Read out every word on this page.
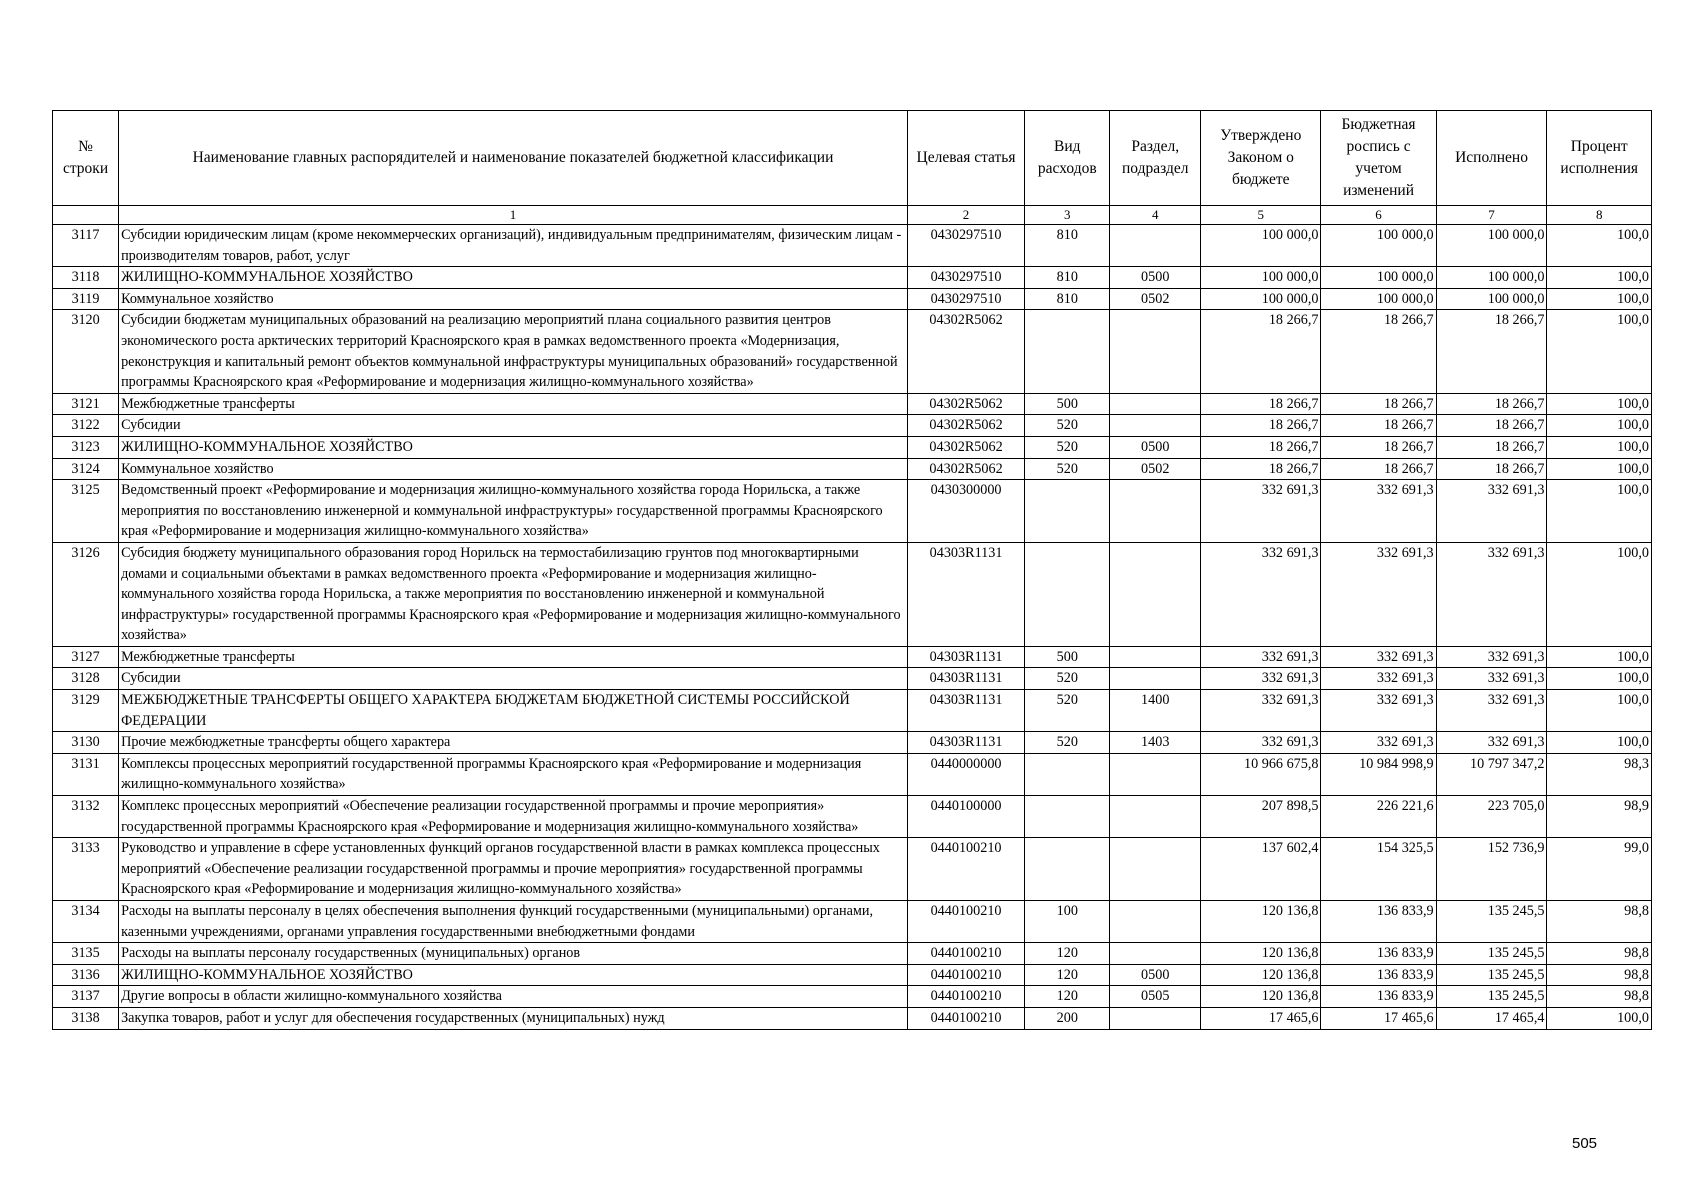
№ строки	Наименование главных распорядителей и наименование показателей бюджетной классификации	Целевая статья	Вид расходов	Раздел, подраздел	Утверждено Законом о бюджете	Бюджетная роспись с учетом изменений	Исполнено	Процент исполнения
	1	2	3	4	5	6	7	8
3117	Субсидии юридическим лицам (кроме некоммерческих организаций), индивидуальным предпринимателям, физическим лицам - производителям товаров, работ, услуг	0430297510	810		100 000,0	100 000,0	100 000,0	100,0
3118	ЖИЛИЩНО-КОММУНАЛЬНОЕ ХОЗЯЙСТВО	0430297510	810	0500	100 000,0	100 000,0	100 000,0	100,0
3119	Коммунальное хозяйство	0430297510	810	0502	100 000,0	100 000,0	100 000,0	100,0
3120	Субсидии бюджетам муниципальных образований на реализацию мероприятий плана социального развития центров экономического роста арктических территорий Красноярского края в рамках ведомственного проекта «Модернизация, реконструкция и капитальный ремонт объектов коммунальной инфраструктуры муниципальных образований» государственной программы Красноярского края «Реформирование и модернизация жилищно-коммунального хозяйства»	04302R5062			18 266,7	18 266,7	18 266,7	100,0
3121	Межбюджетные трансферты	04302R5062	500		18 266,7	18 266,7	18 266,7	100,0
3122	Субсидии	04302R5062	520		18 266,7	18 266,7	18 266,7	100,0
3123	ЖИЛИЩНО-КОММУНАЛЬНОЕ ХОЗЯЙСТВО	04302R5062	520	0500	18 266,7	18 266,7	18 266,7	100,0
3124	Коммунальное хозяйство	04302R5062	520	0502	18 266,7	18 266,7	18 266,7	100,0
3125	Ведомственный проект «Реформирование и модернизация жилищно-коммунального хозяйства города Норильска, а также мероприятия по восстановлению инженерной и коммунальной инфраструктуры» государственной программы Красноярского края «Реформирование и модернизация жилищно-коммунального хозяйства»	0430300000			332 691,3	332 691,3	332 691,3	100,0
3126	Субсидия бюджету муниципального образования город Норильск на термостабилизацию грунтов под многоквартирными домами и социальными объектами в рамках ведомственного проекта «Реформирование и модернизация жилищно-коммунального хозяйства города Норильска, а также мероприятия по восстановлению инженерной и коммунальной инфраструктуры» государственной программы Красноярского края «Реформирование и модернизация жилищно-коммунального хозяйства»	04303R1131			332 691,3	332 691,3	332 691,3	100,0
3127	Межбюджетные трансферты	04303R1131	500		332 691,3	332 691,3	332 691,3	100,0
3128	Субсидии	04303R1131	520		332 691,3	332 691,3	332 691,3	100,0
3129	МЕЖБЮДЖЕТНЫЕ ТРАНСФЕРТЫ ОБЩЕГО ХАРАКТЕРА БЮДЖЕТАМ БЮДЖЕТНОЙ СИСТЕМЫ РОССИЙСКОЙ ФЕДЕРАЦИИ	04303R1131	520	1400	332 691,3	332 691,3	332 691,3	100,0
3130	Прочие межбюджетные трансферты общего характера	04303R1131	520	1403	332 691,3	332 691,3	332 691,3	100,0
3131	Комплексы процессных мероприятий государственной программы Красноярского края «Реформирование и модернизация жилищно-коммунального хозяйства»	0440000000			10 966 675,8	10 984 998,9	10 797 347,2	98,3
3132	Комплекс процессных мероприятий «Обеспечение реализации государственной программы и прочие мероприятия» государственной программы Красноярского края «Реформирование и модернизация жилищно-коммунального хозяйства»	0440100000			207 898,5	226 221,6	223 705,0	98,9
3133	Руководство и управление в сфере установленных функций органов государственной власти в рамках комплекса процессных мероприятий «Обеспечение реализации государственной программы и прочие мероприятия» государственной программы Красноярского края «Реформирование и модернизация жилищно-коммунального хозяйства»	0440100210			137 602,4	154 325,5	152 736,9	99,0
3134	Расходы на выплаты персоналу в целях обеспечения выполнения функций государственными (муниципальными) органами, казенными учреждениями, органами управления государственными внебюджетными фондами	0440100210	100		120 136,8	136 833,9	135 245,5	98,8
3135	Расходы на выплаты персоналу государственных (муниципальных) органов	0440100210	120		120 136,8	136 833,9	135 245,5	98,8
3136	ЖИЛИЩНО-КОММУНАЛЬНОЕ ХОЗЯЙСТВО	0440100210	120	0500	120 136,8	136 833,9	135 245,5	98,8
3137	Другие вопросы в области жилищно-коммунального хозяйства	0440100210	120	0505	120 136,8	136 833,9	135 245,5	98,8
3138	Закупка товаров, работ и услуг для обеспечения государственных (муниципальных) нужд	0440100210	200		17 465,6	17 465,6	17 465,4	100,0
505
